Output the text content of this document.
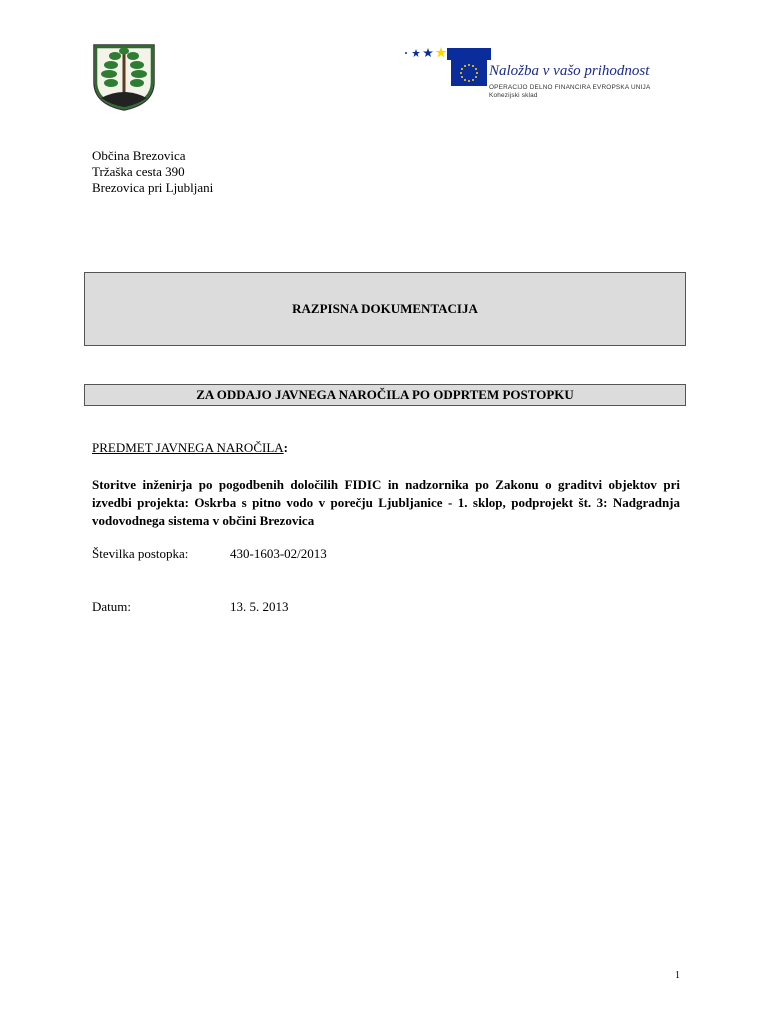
Naložba v vašo prihodnost
OPERACIJO DELNO FINANCIRA EVROPSKA UNIJA
Kohezijski sklad
Občina Brezovica
Tržaška cesta 390
Brezovica pri Ljubljani
RAZPISNA DOKUMENTACIJA
ZA ODDAJO JAVNEGA NAROČILA PO ODPRTEM POSTOPKU
PREDMET JAVNEGA NAROČILA:
Storitve inženirja po pogodbenih določilih FIDIC in nadzornika po Zakonu o graditvi objektov pri izvedbi projekta: Oskrba s pitno vodo v porečju Ljubljanice - 1. sklop, podprojekt št. 3: Nadgradnja vodovodnega sistema v občini Brezovica
Številka postopka:	430-1603-02/2013
Datum:	13. 5. 2013
1
